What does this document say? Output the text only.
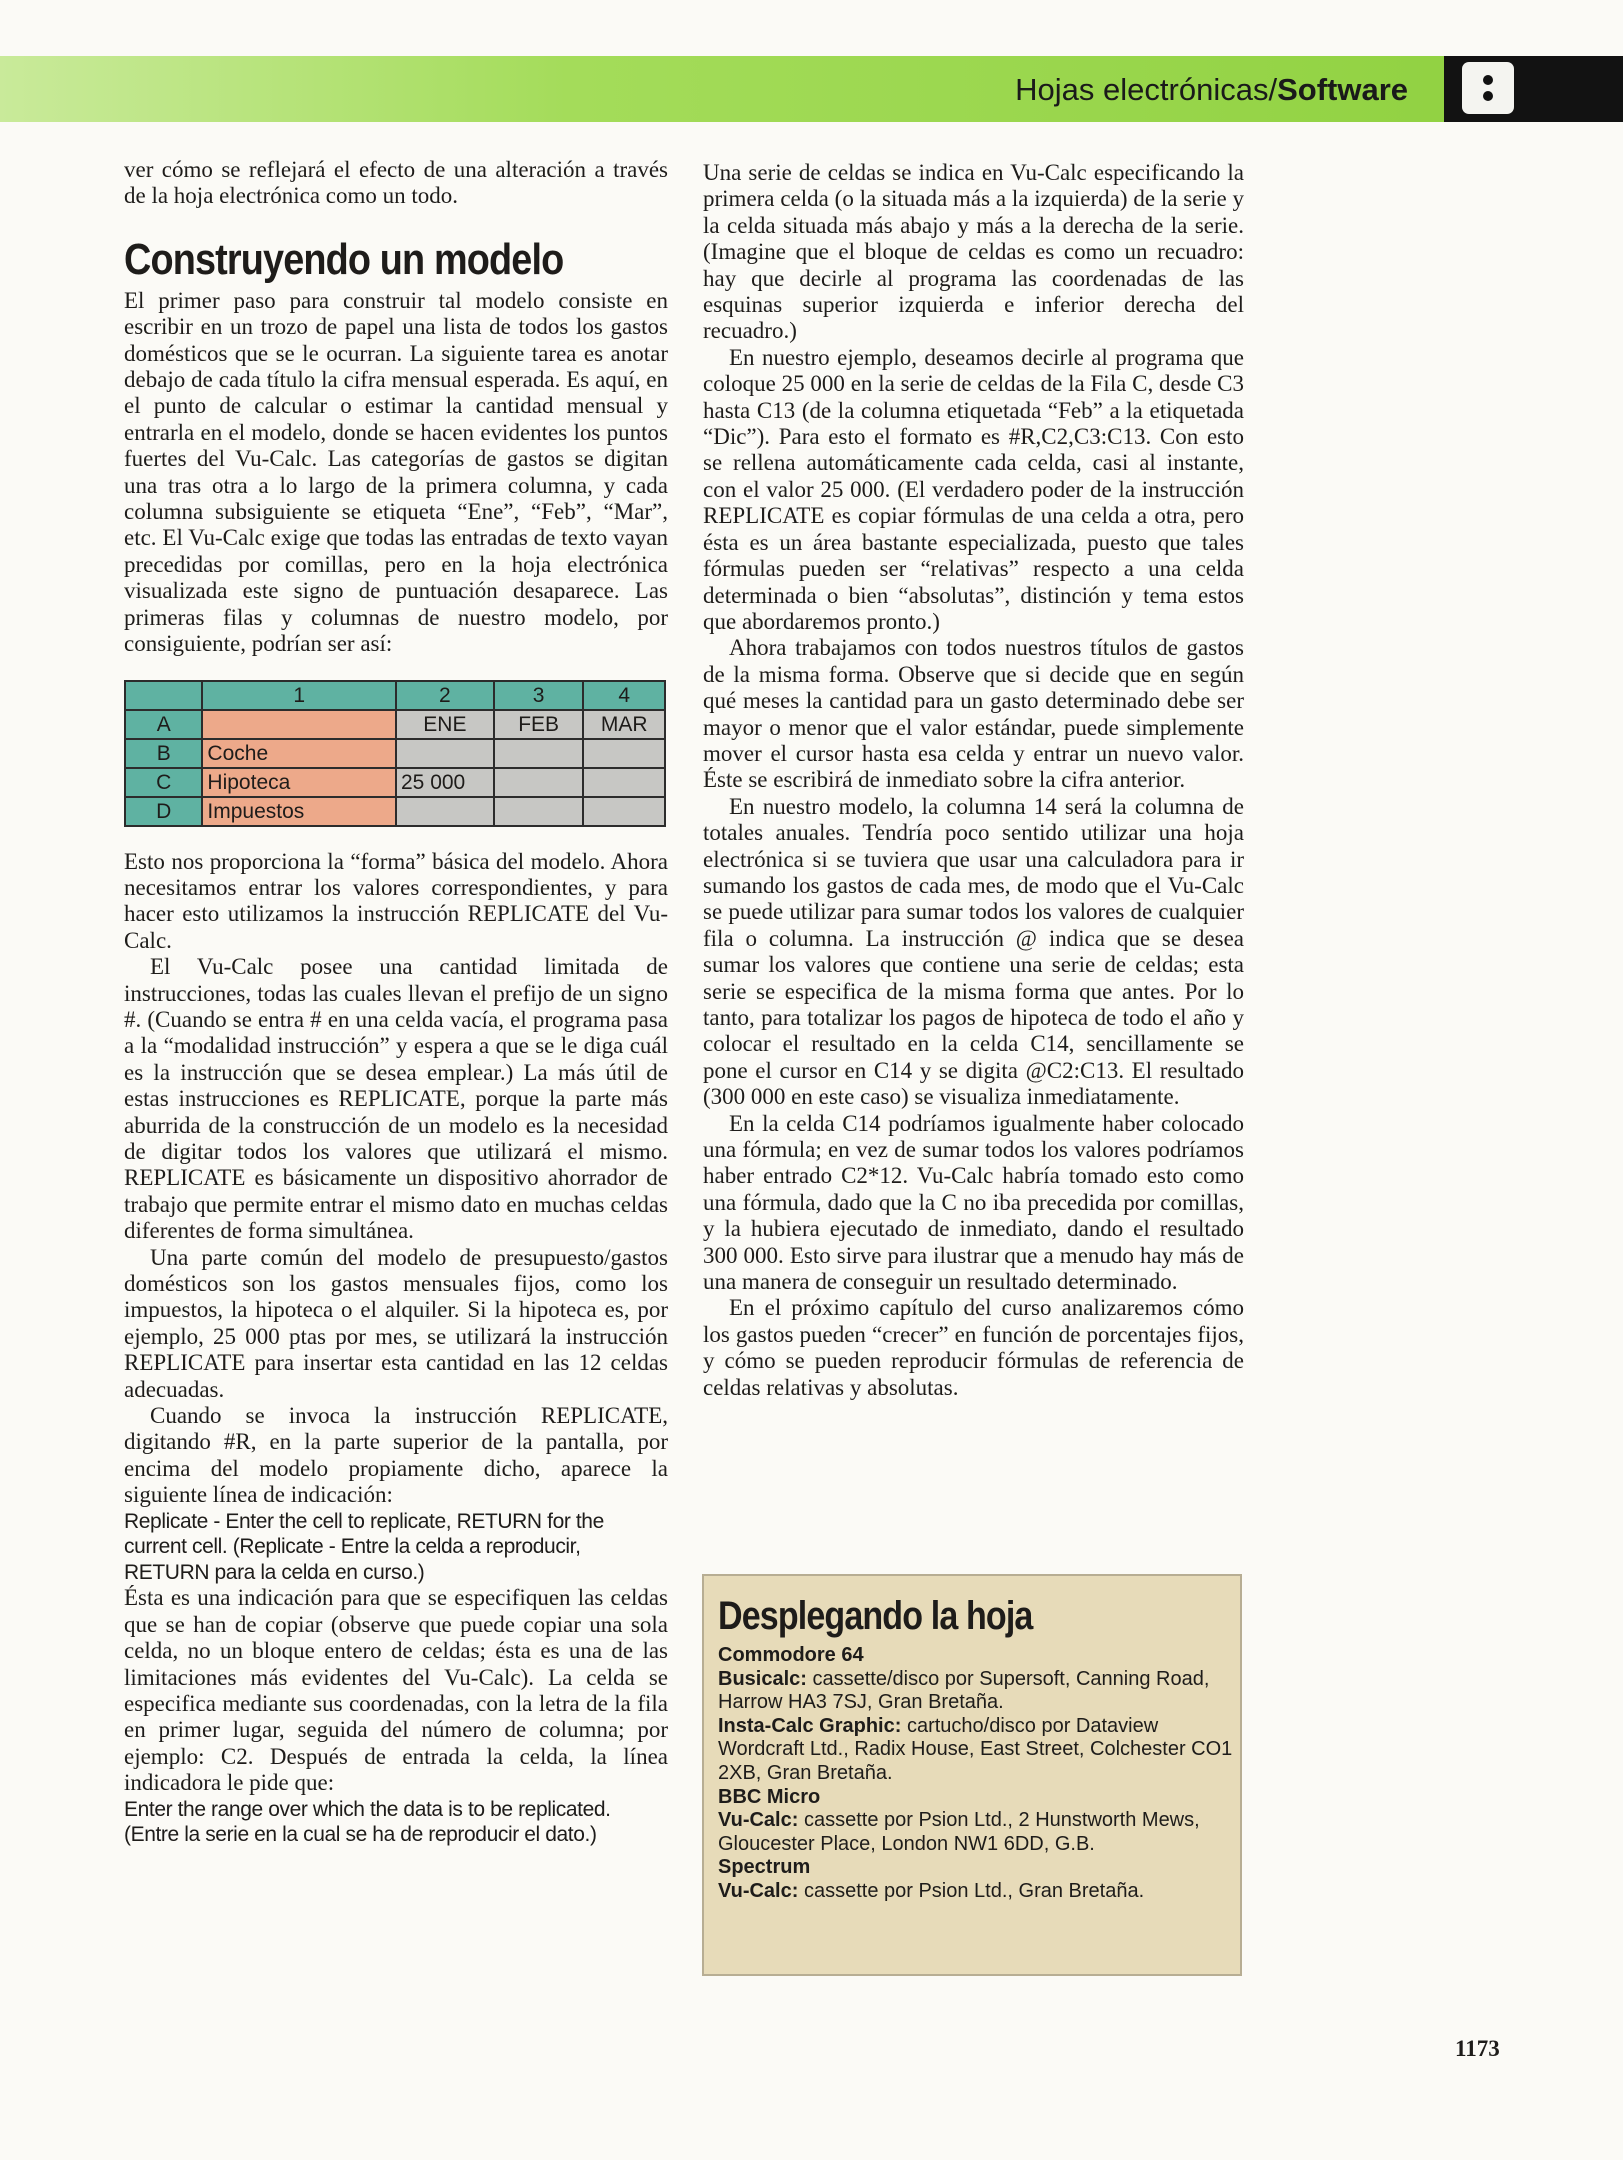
Hojas electrónicas/Software

ver cómo se reflejará el efecto de una alteración a través de la hoja electrónica como un todo.

Construyendo un modelo

El primer paso para construir tal modelo consiste en escribir en un trozo de papel una lista de todos los gastos domésticos que se le ocurran. La siguiente tarea es anotar debajo de cada título la cifra mensual esperada. Es aquí, en el punto de calcular o estimar la cantidad mensual y entrarla en el modelo, donde se hacen evidentes los puntos fuertes del Vu-Calc. Las categorías de gastos se digitan una tras otra a lo largo de la primera columna, y cada columna subsiguiente se etiqueta “Ene”, “Feb”, “Mar”, etc. El Vu-Calc exige que todas las entradas de texto vayan precedidas por comillas, pero en la hoja electrónica visualizada este signo de puntuación desaparece. Las primeras filas y columnas de nuestro modelo, por consiguiente, podrían ser así:

	1	2	3	4
A		ENE	FEB	MAR
B	Coche			
C	Hipoteca	25 000		
D	Impuestos			

Esto nos proporciona la “forma” básica del modelo. Ahora necesitamos entrar los valores correspondientes, y para hacer esto utilizamos la instrucción REPLICATE del Vu-Calc.

El Vu-Calc posee una cantidad limitada de instrucciones, todas las cuales llevan el prefijo de un signo #. (Cuando se entra # en una celda vacía, el programa pasa a la “modalidad instrucción” y espera a que se le diga cuál es la instrucción que se desea emplear.) La más útil de estas instrucciones es REPLICATE, porque la parte más aburrida de la construcción de un modelo es la necesidad de digitar todos los valores que utilizará el mismo. REPLICATE es básicamente un dispositivo ahorrador de trabajo que permite entrar el mismo dato en muchas celdas diferentes de forma simultánea.

Una parte común del modelo de presupuesto/gastos domésticos son los gastos mensuales fijos, como los impuestos, la hipoteca o el alquiler. Si la hipoteca es, por ejemplo, 25 000 ptas por mes, se utilizará la instrucción REPLICATE para insertar esta cantidad en las 12 celdas adecuadas.

Cuando se invoca la instrucción REPLICATE, digitando #R, en la parte superior de la pantalla, por encima del modelo propiamente dicho, aparece la siguiente línea de indicación:

Replicate - Enter the cell to replicate, RETURN for the current cell. (Replicate - Entre la celda a reproducir, RETURN para la celda en curso.)

Ésta es una indicación para que se especifiquen las celdas que se han de copiar (observe que puede copiar una sola celda, no un bloque entero de celdas; ésta es una de las limitaciones más evidentes del Vu-Calc). La celda se especifica mediante sus coordenadas, con la letra de la fila en primer lugar, seguida del número de columna; por ejemplo: C2. Después de entrada la celda, la línea indicadora le pide que:

Enter the range over which the data is to be replicated. (Entre la serie en la cual se ha de reproducir el dato.)

Una serie de celdas se indica en Vu-Calc especificando la primera celda (o la situada más a la izquierda) de la serie y la celda situada más abajo y más a la derecha de la serie. (Imagine que el bloque de celdas es como un recuadro: hay que decirle al programa las coordenadas de las esquinas superior izquierda e inferior derecha del recuadro.)

En nuestro ejemplo, deseamos decirle al programa que coloque 25 000 en la serie de celdas de la Fila C, desde C3 hasta C13 (de la columna etiquetada “Feb” a la etiquetada “Dic”). Para esto el formato es #R,C2,C3:C13. Con esto se rellena automáticamente cada celda, casi al instante, con el valor 25 000. (El verdadero poder de la instrucción REPLICATE es copiar fórmulas de una celda a otra, pero ésta es un área bastante especializada, puesto que tales fórmulas pueden ser “relativas” respecto a una celda determinada o bien “absolutas”, distinción y tema estos que abordaremos pronto.)

Ahora trabajamos con todos nuestros títulos de gastos de la misma forma. Observe que si decide que en según qué meses la cantidad para un gasto determinado debe ser mayor o menor que el valor estándar, puede simplemente mover el cursor hasta esa celda y entrar un nuevo valor. Éste se escribirá de inmediato sobre la cifra anterior.

En nuestro modelo, la columna 14 será la columna de totales anuales. Tendría poco sentido utilizar una hoja electrónica si se tuviera que usar una calculadora para ir sumando los gastos de cada mes, de modo que el Vu-Calc se puede utilizar para sumar todos los valores de cualquier fila o columna. La instrucción @ indica que se desea sumar los valores que contiene una serie de celdas; esta serie se especifica de la misma forma que antes. Por lo tanto, para totalizar los pagos de hipoteca de todo el año y colocar el resultado en la celda C14, sencillamente se pone el cursor en C14 y se digita @C2:C13. El resultado (300 000 en este caso) se visualiza inmediatamente.

En la celda C14 podríamos igualmente haber colocado una fórmula; en vez de sumar todos los valores podríamos haber entrado C2*12. Vu-Calc habría tomado esto como una fórmula, dado que la C no iba precedida por comillas, y la hubiera ejecutado de inmediato, dando el resultado 300 000. Esto sirve para ilustrar que a menudo hay más de una manera de conseguir un resultado determinado.

En el próximo capítulo del curso analizaremos cómo los gastos pueden “crecer” en función de porcentajes fijos, y cómo se pueden reproducir fórmulas de referencia de celdas relativas y absolutas.

Desplegando la hoja

Commodore 64

Busicalc: cassette/disco por Supersoft, Canning Road, Harrow HA3 7SJ, Gran Bretaña.

Insta-Calc Graphic: cartucho/disco por Dataview Wordcraft Ltd., Radix House, East Street, Colchester CO1 2XB, Gran Bretaña.

BBC Micro

Vu-Calc: cassette por Psion Ltd., 2 Hunstworth Mews, Gloucester Place, London NW1 6DD, G.B.

Spectrum

Vu-Calc: cassette por Psion Ltd., Gran Bretaña.

1173
